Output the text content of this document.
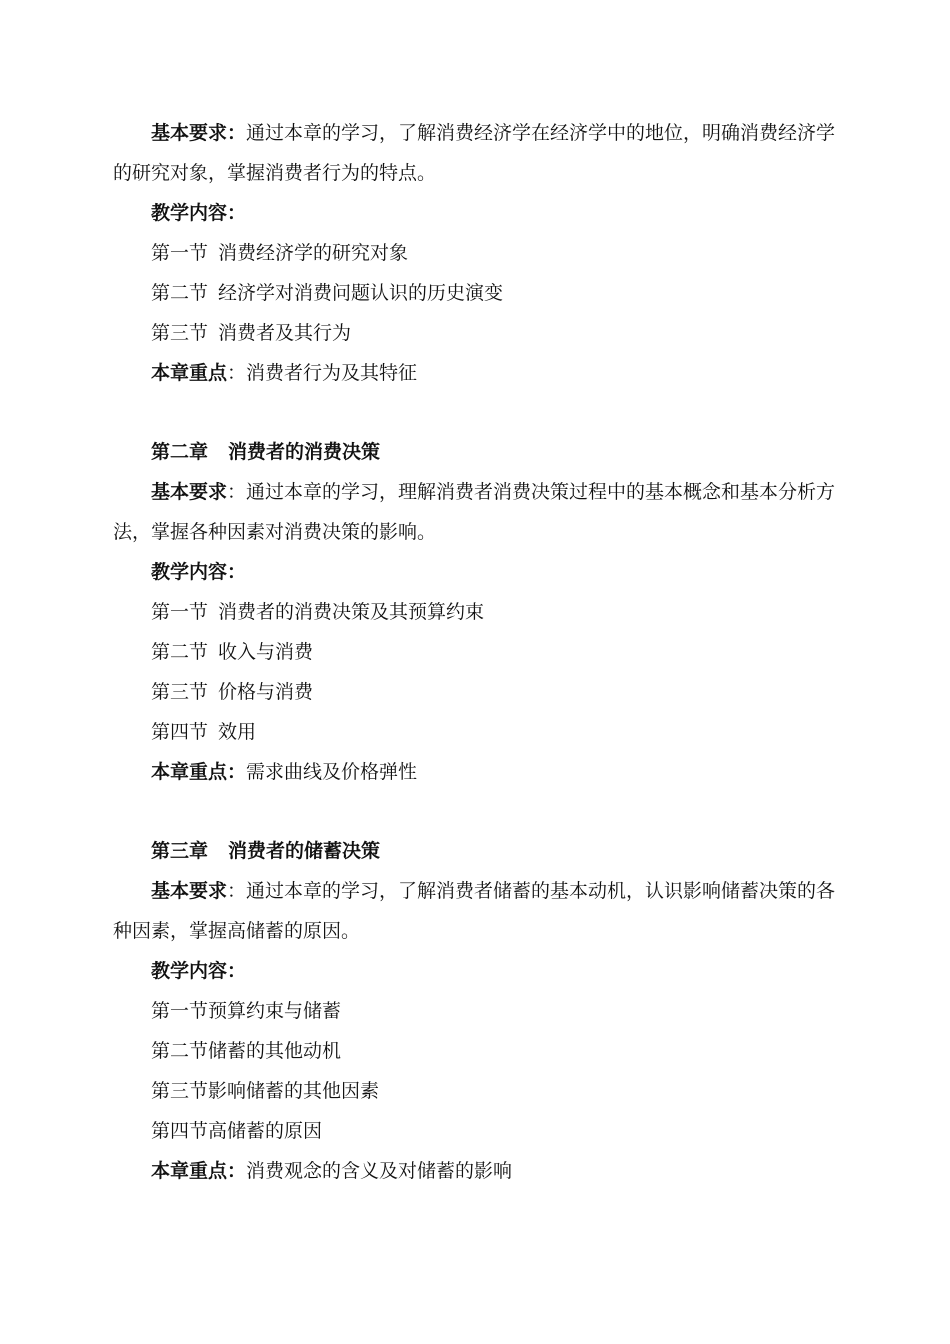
基本要求：通过本章的学习，了解消费经济学在经济学中的地位，明确消费经济学
的研究对象，掌握消费者行为的特点。
教学内容：
第一节 消费经济学的研究对象
第二节 经济学对消费问题认识的历史演变
第三节 消费者及其行为
本章重点：消费者行为及其特征
第二章 消费者的消费决策
基本要求：通过本章的学习，理解消费者消费决策过程中的基本概念和基本分析方
法，掌握各种因素对消费决策的影响。
教学内容：
第一节 消费者的消费决策及其预算约束
第二节 收入与消费
第三节 价格与消费
第四节 效用
本章重点：需求曲线及价格弹性
第三章 消费者的储蓄决策
基本要求：通过本章的学习，了解消费者储蓄的基本动机，认识影响储蓄决策的各
种因素，掌握高储蓄的原因。
教学内容：
第一节预算约束与储蓄
第二节储蓄的其他动机
第三节影响储蓄的其他因素
第四节高储蓄的原因
本章重点：消费观念的含义及对储蓄的影响
